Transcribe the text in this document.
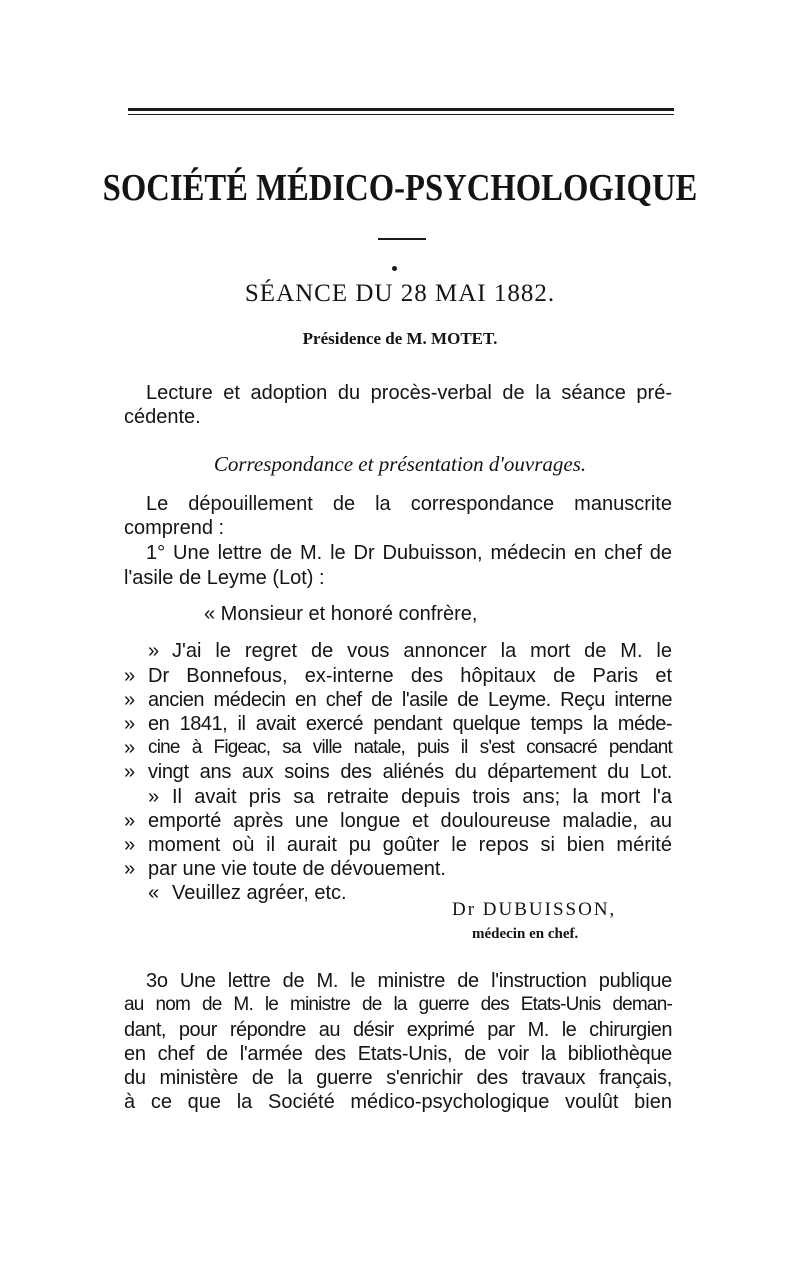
SOCIÉTÉ MÉDICO-PSYCHOLOGIQUE
SÉANCE DU 28 MAI 1882.
Présidence de M. MOTET.
Lecture et adoption du procès-verbal de la séance pré-
cédente.
Correspondance et présentation d'ouvrages.
Le dépouillement de la correspondance manuscrite
comprend :
1° Une lettre de M. le Dr Dubuisson, médecin en chef de
l'asile de Leyme (Lot) :
« Monsieur et honoré confrère,
»
»
»
»
»
»
»
»
»
»
«
J'ai le regret de vous annoncer la mort de M. le
Dr Bonnefous, ex-interne des hôpitaux de Paris et
ancien médecin en chef de l'asile de Leyme. Reçu interne
en 1841, il avait exercé pendant quelque temps la méde-
cine à Figeac, sa ville natale, puis il s'est consacré pendant
vingt ans aux soins des aliénés du département du Lot.
Il avait pris sa retraite depuis trois ans; la mort l'a
emporté après une longue et douloureuse maladie, au
moment où il aurait pu goûter le repos si bien mérité
par une vie toute de dévouement.
Veuillez agréer, etc.
Dr DUBUISSON,
médecin en chef.
3o Une lettre de M. le ministre de l'instruction publique
au nom de M. le ministre de la guerre des Etats-Unis deman-
dant, pour répondre au désir exprimé par M. le chirurgien
en chef de l'armée des Etats-Unis, de voir la bibliothèque
du ministère de la guerre s'enrichir des travaux français,
à ce que la Société médico-psychologique voulût bien
